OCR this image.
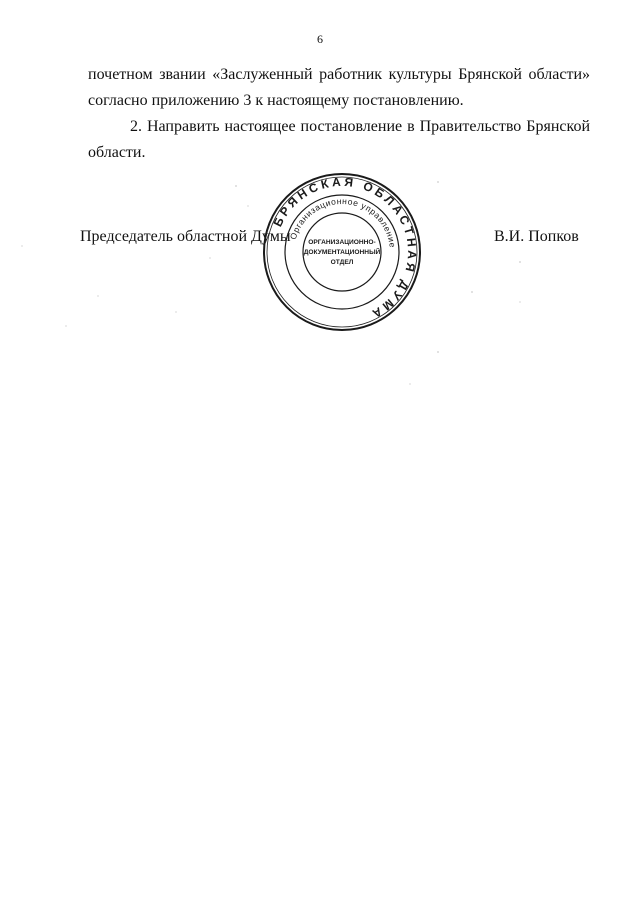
6
почетном звании «Заслуженный работник культуры Брянской области» согласно приложению 3 к настоящему постановлению.
2. Направить настоящее постановление в Правительство Брянской области.
Председатель областной Думы	В.И. Попков
БРЯНСКАЯ ОБЛАСТНАЯ ДУМА
Организационное управление
ОРГАНИЗАЦИОННО-
ДОКУМЕНТАЦИОННЫЙ
ОТДЕЛ
